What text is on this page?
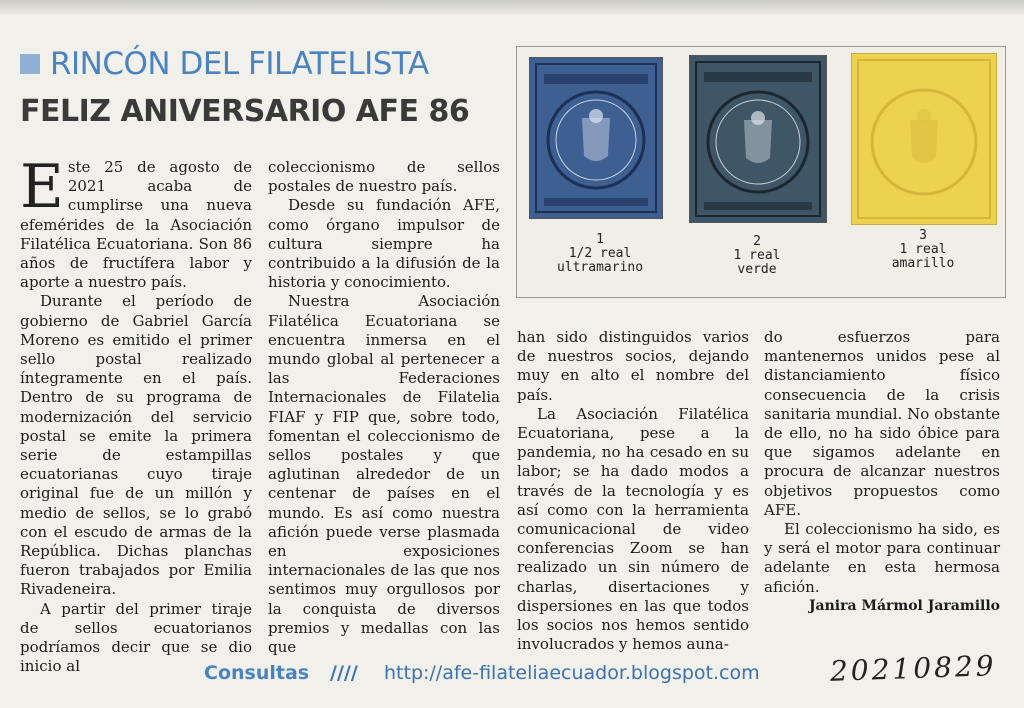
RINCÓN DEL FILATELISTA
FELIZ ANIVERSARIO AFE 86

Este 25 de agosto de 2021 acaba de cumplirse una nueva efemérides de la Asociación Filatélica Ecuatoriana. Son 86 años de fructífera labor y aporte a nuestro país.

Durante el período de gobierno de Gabriel García Moreno es emitido el primer sello postal realizado íntegramente en el país. Dentro de su programa de modernización del servicio postal se emite la primera serie de estampillas ecuatorianas cuyo tiraje original fue de un millón y medio de sellos, se lo grabó con el escudo de armas de la República. Dichas planchas fueron trabajados por Emilia Rivadeneira.

A partir del primer tiraje de sellos ecuatorianos podríamos decir que se dio inicio al

coleccionismo de sellos postales de nuestro país.

Desde su fundación AFE, como órgano impulsor de cultura siempre ha contribuido a la difusión de la historia y conocimiento.

Nuestra Asociación Filatélica Ecuatoriana se encuentra inmersa en el mundo global al pertenecer a las Federaciones Internacionales de Filatelia FIAF y FIP que, sobre todo, fomentan el coleccionismo de sellos postales y que aglutinan alrededor de un centenar de países en el mundo. Es así como nuestra afición puede verse plasmada en exposiciones internacionales de las que nos sentimos muy orgullosos por la conquista de diversos premios y medallas con las que

1
1/2 real
ultramarino
2
1 real
verde
3
1 real
amarillo

han sido distinguidos varios de nuestros socios, dejando muy en alto el nombre del país.

La Asociación Filatélica Ecuatoriana, pese a la pandemia, no ha cesado en su labor; se ha dado modos a través de la tecnología y es así como con la herramienta comunicacional de video conferencias Zoom se han realizado un sin número de charlas, disertaciones y dispersiones en las que todos los socios nos hemos sentido involucrados y hemos auna-

do esfuerzos para mantenernos unidos pese al distanciamiento físico consecuencia de la crisis sanitaria mundial. No obstante de ello, no ha sido óbice para que sigamos adelante en procura de alcanzar nuestros objetivos propuestos como AFE.

El coleccionismo ha sido, es y será el motor para continuar adelante en esta hermosa afición.

Janira Mármol Jaramillo

Consultas //// http://afe-filateliaecuador.blogspot.com 20210829
